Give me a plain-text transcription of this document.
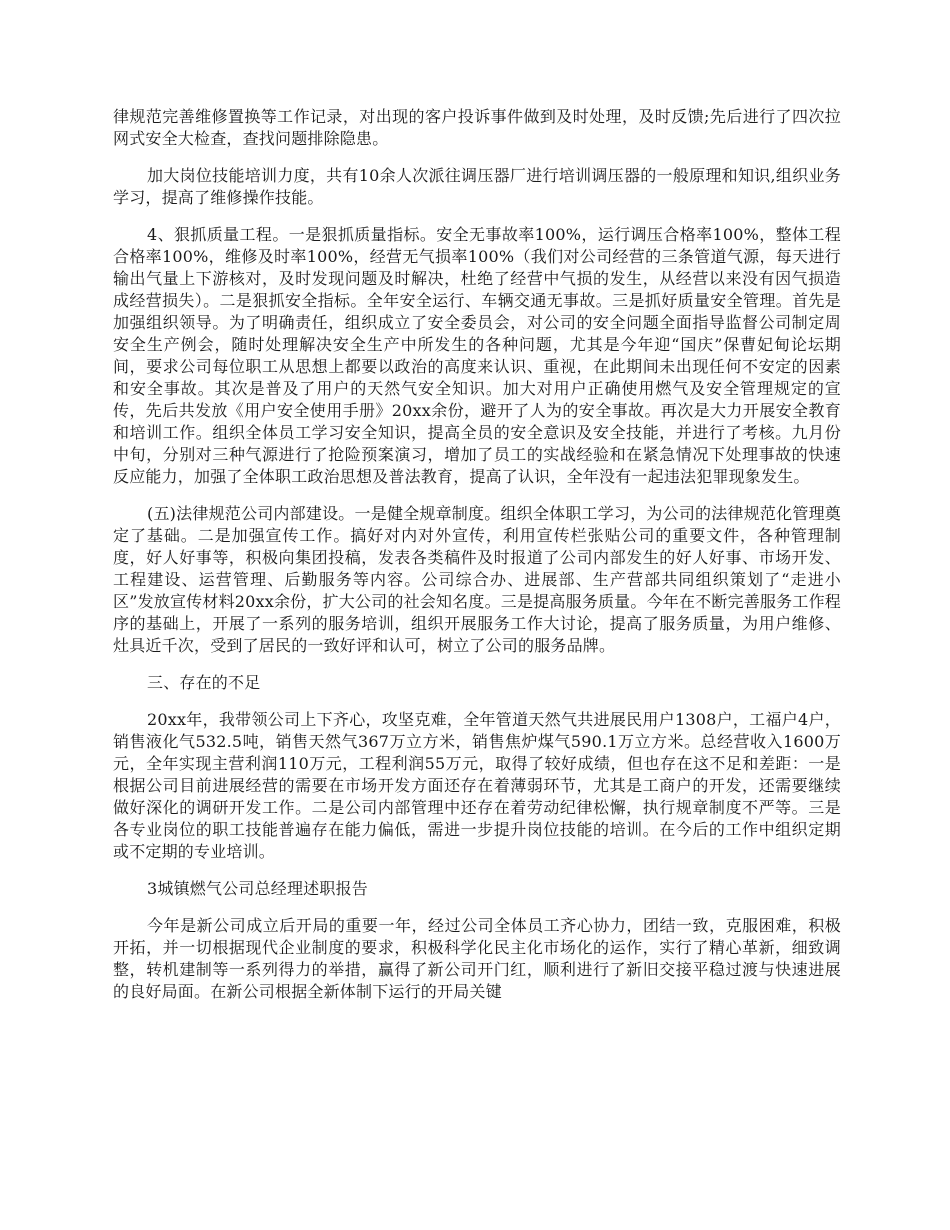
律规范完善维修置换等工作记录，对出现的客户投诉事件做到及时处理，及时反馈;先后进行了四次拉网式安全大检查，查找问题排除隐患。

加大岗位技能培训力度，共有10余人次派往调压器厂进行培训调压器的一般原理和知识,组织业务学习，提高了维修操作技能。

4、狠抓质量工程。一是狠抓质量指标。安全无事故率100%，运行调压合格率100%，整体工程合格率100%，维修及时率100%，经营无气损率100%（我们对公司经营的三条管道气源，每天进行输出气量上下游核对，及时发现问题及时解决，杜绝了经营中气损的发生，从经营以来没有因气损造成经营损失）。二是狠抓安全指标。全年安全运行、车辆交通无事故。三是抓好质量安全管理。首先是加强组织领导。为了明确责任，组织成立了安全委员会，对公司的安全问题全面指导监督公司制定周安全生产例会，随时处理解决安全生产中所发生的各种问题，尤其是今年迎“国庆”保曹妃甸论坛期间，要求公司每位职工从思想上都要以政治的高度来认识、重视，在此期间未出现任何不安定的因素和安全事故。其次是普及了用户的天然气安全知识。加大对用户正确使用燃气及安全管理规定的宣传，先后共发放《用户安全使用手册》20xx余份，避开了人为的安全事故。再次是大力开展安全教育和培训工作。组织全体员工学习安全知识，提高全员的安全意识及安全技能，并进行了考核。九月份中旬，分别对三种气源进行了抢险预案演习，增加了员工的实战经验和在紧急情况下处理事故的快速反应能力，加强了全体职工政治思想及普法教育，提高了认识，全年没有一起违法犯罪现象发生。

(五)法律规范公司内部建设。一是健全规章制度。组织全体职工学习，为公司的法律规范化管理奠定了基础。二是加强宣传工作。搞好对内对外宣传，利用宣传栏张贴公司的重要文件，各种管理制度，好人好事等，积极向集团投稿，发表各类稿件及时报道了公司内部发生的好人好事、市场开发、工程建设、运营管理、后勤服务等内容。公司综合办、进展部、生产营部共同组织策划了“走进小区”发放宣传材料20xx余份，扩大公司的社会知名度。三是提高服务质量。今年在不断完善服务工作程序的基础上，开展了一系列的服务培训，组织开展服务工作大讨论，提高了服务质量，为用户维修、灶具近千次，受到了居民的一致好评和认可，树立了公司的服务品牌。

三、存在的不足

20xx年，我带领公司上下齐心，攻坚克难，全年管道天然气共进展民用户1308户，工福户4户，销售液化气532.5吨，销售天然气367万立方米，销售焦炉煤气590.1万立方米。总经营收入1600万元，全年实现主营利润110万元，工程利润55万元，取得了较好成绩，但也存在这不足和差距：一是根据公司目前进展经营的需要在市场开发方面还存在着薄弱环节，尤其是工商户的开发，还需要继续做好深化的调研开发工作。二是公司内部管理中还存在着劳动纪律松懈，执行规章制度不严等。三是各专业岗位的职工技能普遍存在能力偏低，需进一步提升岗位技能的培训。在今后的工作中组织定期或不定期的专业培训。

3城镇燃气公司总经理述职报告

今年是新公司成立后开局的重要一年，经过公司全体员工齐心协力，团结一致，克服困难，积极开拓，并一切根据现代企业制度的要求，积极科学化民主化市场化的运作，实行了精心革新，细致调整，转机建制等一系列得力的举措，赢得了新公司开门红，顺利进行了新旧交接平稳过渡与快速进展的良好局面。在新公司根据全新体制下运行的开局关键
